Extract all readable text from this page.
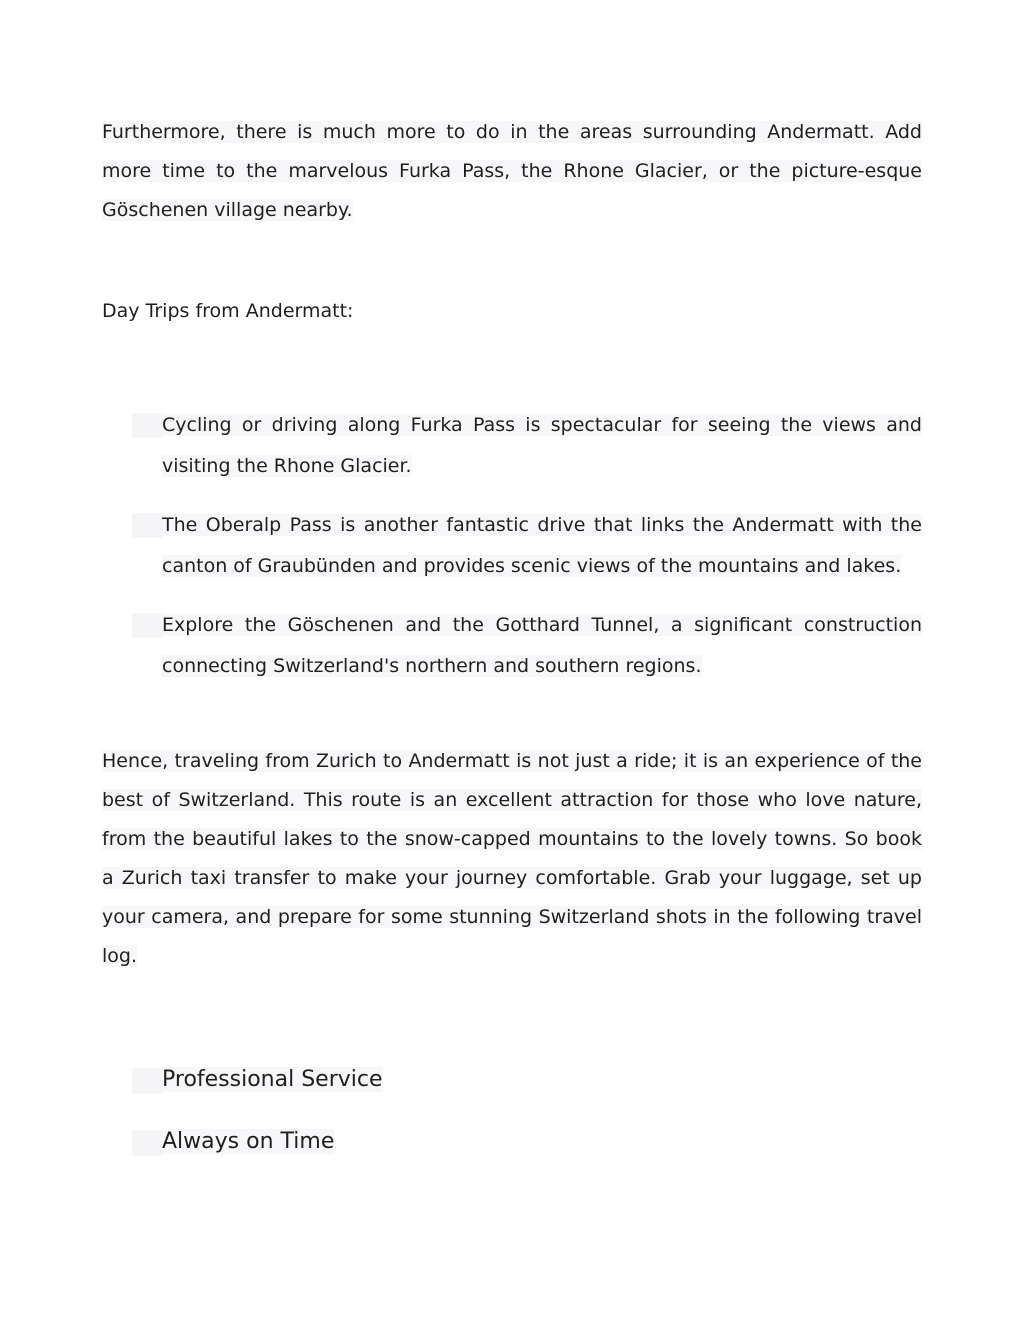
Furthermore, there is much more to do in the areas surrounding Andermatt. Add more time to the marvelous Furka Pass, the Rhone Glacier, or the picture-esque Göschenen village nearby.

Day Trips from Andermatt:

Cycling or driving along Furka Pass is spectacular for seeing the views and visiting the Rhone Glacier.
The Oberalp Pass is another fantastic drive that links the Andermatt with the canton of Graubünden and provides scenic views of the mountains and lakes.
Explore the Göschenen and the Gotthard Tunnel, a significant construction connecting Switzerland's northern and southern regions.

Hence, traveling from Zurich to Andermatt is not just a ride; it is an experience of the best of Switzerland. This route is an excellent attraction for those who love nature, from the beautiful lakes to the snow-capped mountains to the lovely towns. So book a Zurich taxi transfer to make your journey comfortable. Grab your luggage, set up your camera, and prepare for some stunning Switzerland shots in the following travel log.

Professional Service
Always on Time
